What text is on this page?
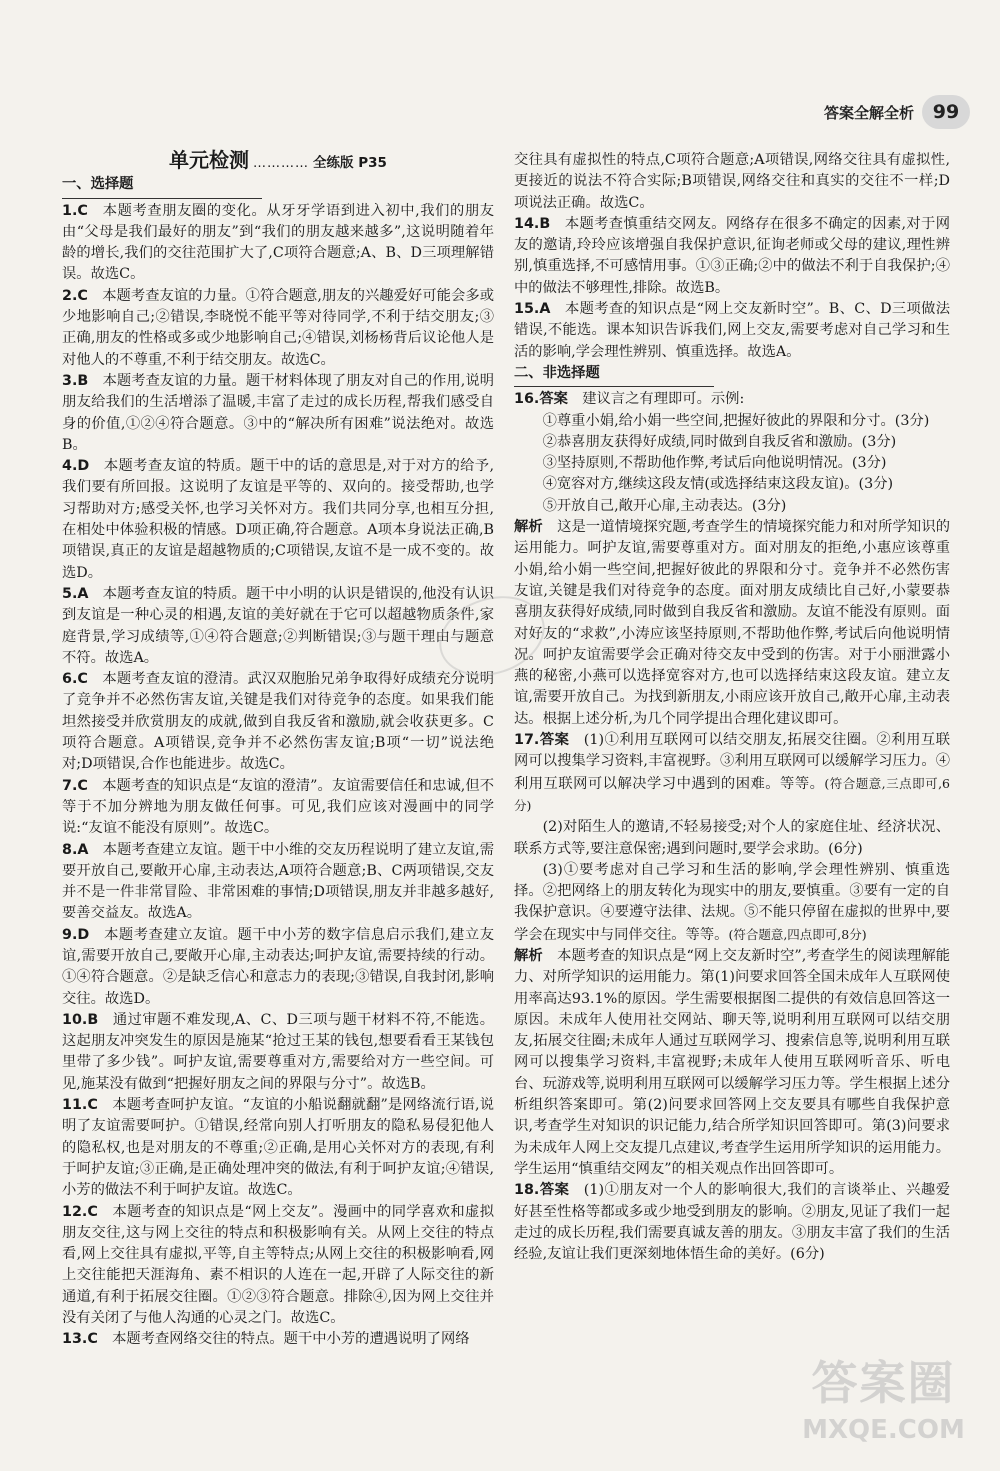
答案全解全析 99
单元检测 ………… 全练版 P35
一、选择题

1.C  本题考查朋友圈的变化。从牙牙学语到进入初中,我们的朋友由“父母是我们最好的朋友”到“我们的朋友越来越多”,这说明随着年龄的增长,我们的交往范围扩大了,C项符合题意;A、B、D三项理解错误。故选C。

2.C  本题考查友谊的力量。①符合题意,朋友的兴趣爱好可能会多或少地影响自己;②错误,李晓悦不能平等对待同学,不利于结交朋友;③正确,朋友的性格或多或少地影响自己;④错误,刘杨杨背后议论他人是对他人的不尊重,不利于结交朋友。故选C。

3.B  本题考查友谊的力量。题干材料体现了朋友对自己的作用,说明朋友给我们的生活增添了温暖,丰富了走过的成长历程,帮我们感受自身的价值,①②④符合题意。③中的“解决所有困难”说法绝对。故选B。

4.D  本题考查友谊的特质。题干中的话的意思是,对于对方的给予,我们要有所回报。这说明了友谊是平等的、双向的。接受帮助,也学习帮助对方;感受关怀,也学习关怀对方。我们共同分享,也相互分担,在相处中体验积极的情感。D项正确,符合题意。A项本身说法正确,B项错误,真正的友谊是超越物质的;C项错误,友谊不是一成不变的。故选D。

5.A  本题考查友谊的特质。题干中小明的认识是错误的,他没有认识到友谊是一种心灵的相遇,友谊的美好就在于它可以超越物质条件,家庭背景,学习成绩等,①④符合题意;②判断错误;③与题干理由与题意不符。故选A。

6.C  本题考查友谊的澄清。武汉双胞胎兄弟争取得好成绩充分说明了竞争并不必然伤害友谊,关键是我们对待竞争的态度。如果我们能坦然接受并欣赏朋友的成就,做到自我反省和激励,就会收获更多。C项符合题意。A项错误,竞争并不必然伤害友谊;B项“一切”说法绝对;D项错误,合作也能进步。故选C。

7.C  本题考查的知识点是“友谊的澄清”。友谊需要信任和忠诚,但不等于不加分辨地为朋友做任何事。可见,我们应该对漫画中的同学说:“友谊不能没有原则”。故选C。

8.A  本题考查建立友谊。题干中小维的交友历程说明了建立友谊,需要开放自己,要敞开心扉,主动表达,A项符合题意;B、C两项错误,交友并不是一件非常冒险、非常困难的事情;D项错误,朋友并非越多越好,要善交益友。故选A。

9.D  本题考查建立友谊。题干中小芳的数字信息启示我们,建立友谊,需要开放自己,要敞开心扉,主动表达;呵护友谊,需要持续的行动。①④符合题意。②是缺乏信心和意志力的表现;③错误,自我封闭,影响交往。故选D。

10.B  通过审题不难发现,A、C、D三项与题干材料不符,不能选。这起朋友冲突发生的原因是施某“抢过王某的钱包,想要看看王某钱包里带了多少钱”。呵护友谊,需要尊重对方,需要给对方一些空间。可见,施某没有做到“把握好朋友之间的界限与分寸”。故选B。

11.C  本题考查呵护友谊。“友谊的小船说翻就翻”是网络流行语,说明了友谊需要呵护。①错误,经常向别人打听朋友的隐私易侵犯他人的隐私权,也是对朋友的不尊重;②正确,是用心关怀对方的表现,有利于呵护友谊;③正确,是正确处理冲突的做法,有利于呵护友谊;④错误,小芳的做法不利于呵护友谊。故选C。

12.C  本题考查的知识点是“网上交友”。漫画中的同学喜欢和虚拟朋友交往,这与网上交往的特点和积极影响有关。从网上交往的特点看,网上交往具有虚拟,平等,自主等特点;从网上交往的积极影响看,网上交往能把天涯海角、素不相识的人连在一起,开辟了人际交往的新通道,有利于拓展交往圈。①②③符合题意。排除④,因为网上交往并没有关闭了与他人沟通的心灵之门。故选C。

13.C  本题考查网络交往的特点。题干中小芳的遭遇说明了网络

交往具有虚拟性的特点,C项符合题意;A项错误,网络交往具有虚拟性,更接近的说法不符合实际;B项错误,网络交往和真实的交往不一样;D项说法正确。故选C。

14.B  本题考查慎重结交网友。网络存在很多不确定的因素,对于网友的邀请,玲玲应该增强自我保护意识,征询老师或父母的建议,理性辨别,慎重选择,不可感情用事。①③正确;②中的做法不利于自我保护;④中的做法不够理性,排除。故选B。

15.A  本题考查的知识点是“网上交友新时空”。B、C、D三项做法错误,不能选。课本知识告诉我们,网上交友,需要考虑对自己学习和生活的影响,学会理性辨别、慎重选择。故选A。

二、非选择题

16.答案  建议言之有理即可。示例:

①尊重小娟,给小娟一些空间,把握好彼此的界限和分寸。(3分)

②恭喜朋友获得好成绩,同时做到自我反省和激励。(3分)

③坚持原则,不帮助他作弊,考试后向他说明情况。(3分)

④宽容对方,继续这段友情(或选择结束这段友谊)。(3分)

⑤开放自己,敞开心扉,主动表达。(3分)

解析  这是一道情境探究题,考查学生的情境探究能力和对所学知识的运用能力。呵护友谊,需要尊重对方。面对朋友的拒绝,小惠应该尊重小娟,给小娟一些空间,把握好彼此的界限和分寸。竞争并不必然伤害友谊,关键是我们对待竞争的态度。面对朋友成绩比自己好,小蒙要恭喜朋友获得好成绩,同时做到自我反省和激励。友谊不能没有原则。面对好友的“求救”,小涛应该坚持原则,不帮助他作弊,考试后向他说明情况。呵护友谊需要学会正确对待交友中受到的伤害。对于小丽泄露小燕的秘密,小燕可以选择宽容对方,也可以选择结束这段友谊。建立友谊,需要开放自己。为找到新朋友,小雨应该开放自己,敞开心扉,主动表达。根据上述分析,为几个同学提出合理化建议即可。

17.答案  (1)①利用互联网可以结交朋友,拓展交往圈。②利用互联网可以搜集学习资料,丰富视野。③利用互联网可以缓解学习压力。④利用互联网可以解决学习中遇到的困难。等等。(符合题意,三点即可,6分)

(2)对陌生人的邀请,不轻易接受;对个人的家庭住址、经济状况、联系方式等,要注意保密;遇到问题时,要学会求助。(6分)

(3)①要考虑对自己学习和生活的影响,学会理性辨别、慎重选择。②把网络上的朋友转化为现实中的朋友,要慎重。③要有一定的自我保护意识。④要遵守法律、法规。⑤不能只停留在虚拟的世界中,要学会在现实中与同伴交往。等等。(符合题意,四点即可,8分)

解析  本题考查的知识点是“网上交友新时空”,考查学生的阅读理解能力、对所学知识的运用能力。第(1)问要求回答全国未成年人互联网使用率高达93.1%的原因。学生需要根据图二提供的有效信息回答这一原因。未成年人使用社交网站、聊天等,说明利用互联网可以结交朋友,拓展交往圈;未成年人通过互联网学习、搜索信息等,说明利用互联网可以搜集学习资料,丰富视野;未成年人使用互联网听音乐、听电台、玩游戏等,说明利用互联网可以缓解学习压力等。学生根据上述分析组织答案即可。第(2)问要求回答网上交友要具有哪些自我保护意识,考查学生对知识的识记能力,结合所学知识回答即可。第(3)问要求为未成年人网上交友提几点建议,考查学生运用所学知识的运用能力。学生运用“慎重结交网友”的相关观点作出回答即可。

18.答案  (1)①朋友对一个人的影响很大,我们的言谈举止、兴趣爱好甚至性格等都或多或少地受到朋友的影响。②朋友,见证了我们一起走过的成长历程,我们需要真诚友善的朋友。③朋友丰富了我们的生活经验,友谊让我们更深刻地体悟生命的美好。(6分)

答案圈
MXQE.COM
